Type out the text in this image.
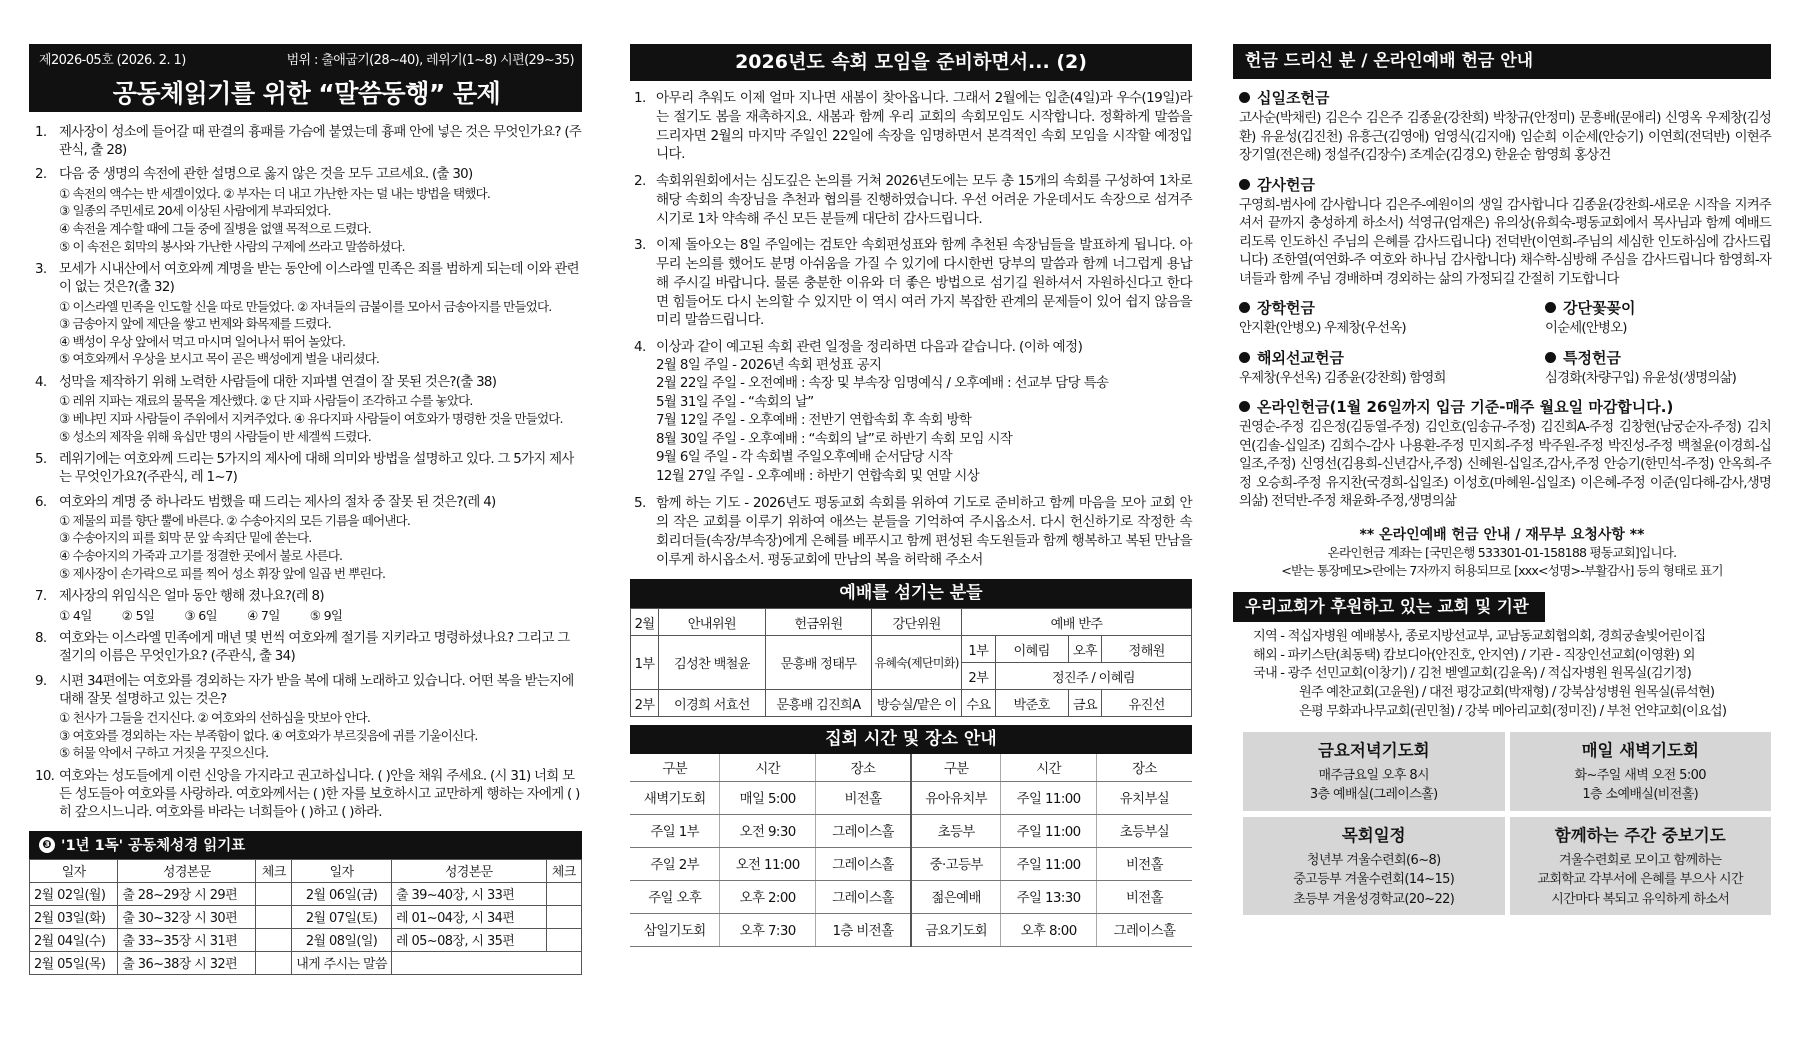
제2026-05호 (2026. 2. 1)	범위 : 출애굽기(28~40), 레위기(1~8) 시편(29~35)
공동체읽기를 위한 “말씀동행” 문제
1. 제사장이 성소에 들어갈 때 판결의 흉패를 가슴에 붙였는데 흉패 안에 넣은 것은 무엇인가요? (주관식, 출 28)
2. 다음 중 생명의 속전에 관한 설명으로 옳지 않은 것을 모두 고르세요. (출 30)
① 속전의 액수는 반 세겔이었다. ② 부자는 더 내고 가난한 자는 덜 내는 방법을 택했다.
③ 일종의 주민세로 20세 이상된 사람에게 부과되었다.
④ 속전을 계수할 때에 그들 중에 질병을 없앨 목적으로 드렸다.
⑤ 이 속전은 회막의 봉사와 가난한 사람의 구제에 쓰라고 말씀하셨다.
3. 모세가 시내산에서 여호와께 계명을 받는 동안에 이스라엘 민족은 죄를 범하게 되는데 이와 관련이 없는 것은?(출 32)
① 이스라엘 민족을 인도할 신을 따로 만들었다. ② 자녀들의 금붙이를 모아서 금송아지를 만들었다.
③ 금송아지 앞에 제단을 쌓고 번제와 화목제를 드렸다.
④ 백성이 우상 앞에서 먹고 마시며 일어나서 뛰어 놀았다.
⑤ 여호와께서 우상을 보시고 목이 곧은 백성에게 벌을 내리셨다.
4. 성막을 제작하기 위해 노력한 사람들에 대한 지파별 연결이 잘 못된 것은?(출 38)
① 레위 지파는 재료의 물목을 계산했다. ② 단 지파 사람들이 조각하고 수를 놓았다.
③ 베냐민 지파 사람들이 주위에서 지켜주었다. ④ 유다지파 사람들이 여호와가 명령한 것을 만들었다.
⑤ 성소의 제작을 위해 육십만 명의 사람들이 반 세겔씩 드렸다.
5. 레위기에는 여호와께 드리는 5가지의 제사에 대해 의미와 방법을 설명하고 있다. 그 5가지 제사는 무엇인가요?(주관식, 레 1~7)
6. 여호와의 계명 중 하나라도 범했을 때 드리는 제사의 절차 중 잘못 된 것은?(레 4)
① 제물의 피를 향단 뿔에 바른다. ② 수송아지의 모든 기름을 떼어낸다.
③ 수송아지의 피를 회막 문 앞 속죄단 밑에 쏟는다.
④ 수송아지의 가죽과 고기를 정결한 곳에서 불로 사른다.
⑤ 제사장이 손가락으로 피를 찍어 성소 휘장 앞에 일곱 번 뿌린다.
7. 제사장의 위임식은 얼마 동안 행해 졌나요?(레 8)
① 4일 ② 5일 ③ 6일 ④ 7일 ⑤ 9일
8. 여호와는 이스라엘 민족에게 매년 몇 번씩 여호와께 절기를 지키라고 명령하셨나요? 그리고 그 절기의 이름은 무엇인가요? (주관식, 출 34)
9. 시편 34편에는 여호와를 경외하는 자가 받을 복에 대해 노래하고 있습니다. 어떤 복을 받는지에 대해 잘못 설명하고 있는 것은?
① 천사가 그들을 건지신다. ② 여호와의 선하심을 맛보아 안다.
③ 여호와를 경외하는 자는 부족함이 없다. ④ 여호와가 부르짖음에 귀를 기울이신다.
⑤ 허물 악에서 구하고 거짓을 꾸짖으신다.
10. 여호와는 성도들에게 이런 신앙을 가지라고 권고하십니다. ( )안을 채워 주세요. (시 31) 너희 모든 성도들아 여호와를 사랑하라. 여호와께서는 ( )한 자를 보호하시고 교만하게 행하는 자에게 ( )히 갚으시느니라. 여호와를 바라는 너희들아 ( )하고 ( )하라.
❸ '1년 1독' 공동체성경 읽기표
일자	성경본문	체크	일자	성경본문	체크
2월 02일(월)	출 28~29장 시 29편		2월 06일(금)	출 39~40장, 시 33편	
2월 03일(화)	출 30~32장 시 30편		2월 07일(토)	레 01~04장, 시 34편	
2월 04일(수)	출 33~35장 시 31편		2월 08일(일)	레 05~08장, 시 35편	
2월 05일(목)	출 36~38장 시 32편		내게 주시는 말씀		
2026년도 속회 모임을 준비하면서... (2)
1. 아무리 추워도 이제 얼마 지나면 새봄이 찾아옵니다. 그래서 2월에는 입춘(4일)과 우수(19일)라는 절기도 봄을 재촉하지요. 새봄과 함께 우리 교회의 속회모임도 시작합니다. 정확하게 말씀을 드리자면 2월의 마지막 주일인 22일에 속장을 임명하면서 본격적인 속회 모임을 시작할 예정입니다.
2. 속회위원회에서는 심도깊은 논의를 거쳐 2026년도에는 모두 총 15개의 속회를 구성하여 1차로 해당 속회의 속장님을 추천과 협의를 진행하였습니다. 우선 어려운 가운데서도 속장으로 섬겨주시기로 1차 약속해 주신 모든 분들께 대단히 감사드립니다.
3. 이제 돌아오는 8일 주일에는 검토안 속회편성표와 함께 추천된 속장님들을 발표하게 됩니다. 아무리 논의를 했어도 분명 아쉬움을 가질 수 있기에 다시한번 당부의 말씀과 함께 너그럽게 용납해 주시길 바랍니다. 물론 충분한 이유와 더 좋은 방법으로 섬기길 원하셔서 자원하신다고 한다면 힘들어도 다시 논의할 수 있지만 이 역시 여러 가지 복잡한 관계의 문제들이 있어 쉽지 않음을 미리 말씀드립니다.
4. 이상과 같이 예고된 속회 관련 일정을 정리하면 다음과 같습니다. (이하 예정)
2월 8일 주일 - 2026년 속회 편성표 공지
2월 22일 주일 - 오전예배 : 속장 및 부속장 임명예식 / 오후예배 : 선교부 담당 특송
5월 31일 주일 - “속회의 날”
7월 12일 주일 - 오후예배 : 전반기 연합속회 후 속회 방학
8월 30일 주일 - 오후예배 : “속회의 날”로 하반기 속회 모임 시작
9월 6일 주일 - 각 속회별 주일오후예배 순서담당 시작
12월 27일 주일 - 오후예배 : 하반기 연합속회 및 연말 시상
5. 함께 하는 기도 - 2026년도 평동교회 속회를 위하여 기도로 준비하고 함께 마음을 모아 교회 안의 작은 교회를 이루기 위하여 애쓰는 분들을 기억하여 주시옵소서. 다시 헌신하기로 작정한 속회리더들(속장/부속장)에게 은혜를 베푸시고 함께 편성된 속도원들과 함께 행복하고 복된 만남을 이루게 하시옵소서. 평동교회에 만남의 복을 허락해 주소서
예배를 섬기는 분들
2월	안내위원	헌금위원	강단위원	예배 반주			
1부	김성찬 백철윤	문흥배 정태무	유혜숙(제단미화)	1부	이혜림	오후	정해원
				2부	정진주 / 이혜림		
2부	이경희 서효선	문흥배 김진희A	방승실/맡은 이	수요	박준호	금요	유진선
집회 시간 및 장소 안내
구분	시간	장소	구분	시간	장소
새벽기도회	매일 5:00	비전홀	유아유치부	주일 11:00	유치부실
주일 1부	오전 9:30	그레이스홀	초등부	주일 11:00	초등부실
주일 2부	오전 11:00	그레이스홀	중·고등부	주일 11:00	비전홀
주일 오후	오후 2:00	그레이스홀	젊은예배	주일 13:30	비전홀
삼일기도회	오후 7:30	1층 비전홀	금요기도회	오후 8:00	그레이스홀
헌금 드리신 분 / 온라인예배 헌금 안내
십일조헌금
고사순(박채린) 김은수 김은주 김종윤(강찬희) 박창규(안정미) 문흥배(문애리) 신영옥 우제창(김성환) 유윤성(김진천) 유흥근(김영애) 엄영식(김지애) 임순희 이순세(안승기) 이연희(전덕반) 이현주 장기열(전은해) 정설주(김장수) 조계순(김경오) 한윤순 함영희 홍상건
감사헌금
구영희-범사에 감사합니다 김은주-예원이의 생일 감사합니다 김종윤(강찬희-새로운 시작을 지켜주셔서 끝까지 충성하게 하소서) 석영규(엄재은) 유의상(유희숙-평동교회에서 목사님과 함께 예배드리도록 인도하신 주님의 은혜를 감사드립니다) 전덕반(이연희-주님의 세심한 인도하심에 감사드립니다) 조한열(여연화-주 여호와 하나님 감사합니다) 채수학-심방해 주심을 감사드립니다 함영희-자녀들과 함께 주님 경배하며 경외하는 삶의 가정되길 간절히 기도합니다
장학헌금
안지환(안병오) 우제창(우선옥)
강단꽃꽂이
이순세(안병오)
해외선교헌금
우제창(우선옥) 김종윤(강찬희) 함영희
특정헌금
심경화(차량구입) 유윤성(생명의삶)
온라인헌금(1월 26일까지 입금 기준-매주 월요일 마감합니다.)
권영순-주정 김은정(김동열-주정) 김인호(임송규-주정) 김진희A-주정 김창현(남궁순자-주정) 김치연(김솔-십일조) 김희수-감사 나용환-주정 민지희-주정 박주원-주정 박진성-주정 백철윤(이경희-십일조,주정) 신영선(김용희-신년감사,주정) 신혜원-십일조,감사,주정 안승기(한민석-주정) 안옥희-주정 오승희-주정 유지찬(국경희-십일조) 이성호(마혜원-십일조) 이은혜-주정 이준(임다해-감사,생명의삶) 전덕반-주정 채윤화-주정,생명의삶
** 온라인예배 헌금 안내 / 재무부 요청사항 **
온라인헌금 계좌는 [국민은행 533301-01-158188 평동교회]입니다.
<받는 통장메모>란에는 7자까지 허용되므로 [xxx<성명>-부활감사] 등의 형태로 표기
우리교회가 후원하고 있는 교회 및 기관
지역 - 적십자병원 예배봉사, 종로지방선교부, 교남동교회협의회, 경희궁솔빛어린이집
해외 - 파키스탄(최동택) 캄보디아(안진호, 안지연) / 기관 - 직장인선교회(이영환) 외
국내 - 광주 선민교회(이창기) / 김천 벧엘교회(김윤옥) / 적십자병원 원목실(김기정)
원주 예찬교회(고윤원) / 대전 평강교회(박재형) / 강북삼성병원 원목실(류석현)
은평 무화과나무교회(권민철) / 강북 메아리교회(정미진) / 부천 언약교회(이요섭)
금요저녁기도회
매주금요일 오후 8시
3층 예배실(그레이스홀)
매일 새벽기도회
화~주일 새벽 오전 5:00
1층 소예배실(비전홀)
목회일정
청년부 겨울수련회(6~8)
중고등부 겨울수련회(14~15)
초등부 겨울성경학교(20~22)
함께하는 주간 중보기도
겨울수련회로 모이고 함께하는
교회학교 각부서에 은혜를 부으사 시간
시간마다 복되고 유익하게 하소서
